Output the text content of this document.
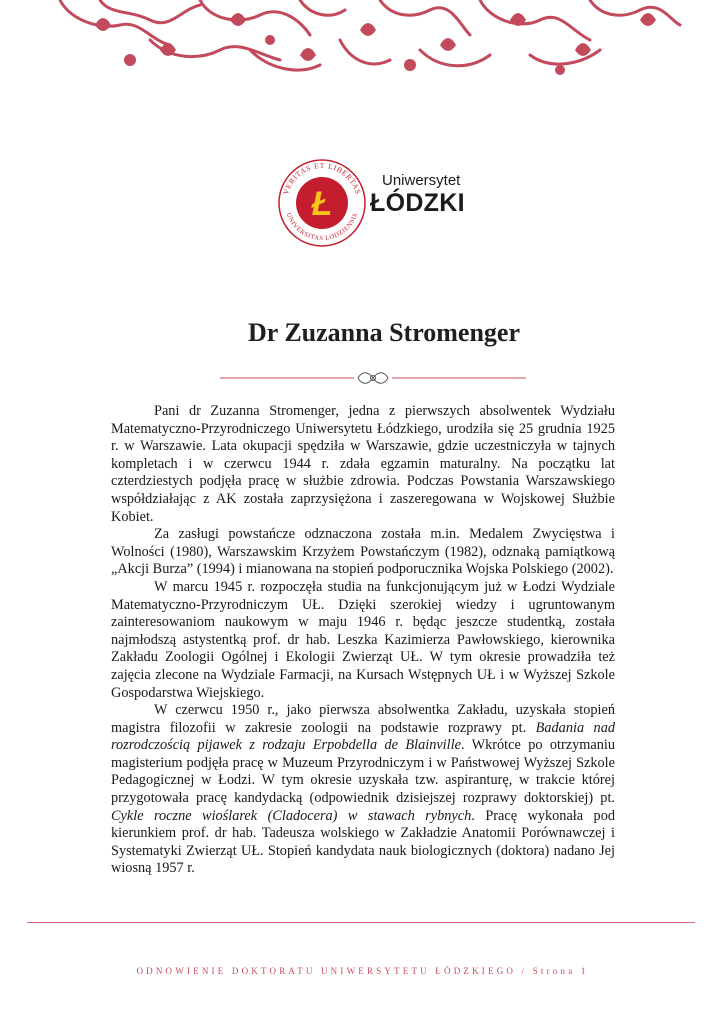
VERITAS ET LIBERTAS
UNIVERSITAS LODZIENSIS
Ł
Uniwersytet
ŁÓDZKI
Dr Zuzanna Stromenger

Pani dr Zuzanna Stromenger, jedna z pierwszych absolwentek Wydziału Matematyczno-Przyrodniczego Uniwersytetu Łódzkiego, urodziła się 25 grudnia 1925 r. w Warszawie. Lata okupacji spędziła w Warszawie, gdzie uczestniczyła w tajnych kompletach i w czerwcu 1944 r. zdała egzamin maturalny. Na początku lat czterdziestych podjęła pracę w służbie zdrowia. Podczas Powstania Warszawskiego współdziałając z AK została zaprzysiężona i zaszeregowana w Wojskowej Służbie Kobiet.

Za zasługi powstańcze odznaczona została m.in. Medalem Zwycięstwa i Wolności (1980), Warszawskim Krzyżem Powstańczym (1982), odznaką pamiątkową „Akcji Burza” (1994) i mianowana na stopień podporucznika Wojska Polskiego (2002).

W marcu 1945 r. rozpoczęła studia na funkcjonującym już w Łodzi Wydziale Matematyczno-Przyrodniczym UŁ. Dzięki szerokiej wiedzy i ugruntowanym zainteresowaniom naukowym w maju 1946 r. będąc jeszcze studentką, została najmłodszą astystentką prof. dr hab. Leszka Kazimierza Pawłowskiego, kierownika Zakładu Zoologii Ogólnej i Ekologii Zwierząt UŁ. W tym okresie prowadziła też zajęcia zlecone na Wydziale Farmacji, na Kursach Wstępnych UŁ i w Wyższej Szkole Gospodarstwa Wiejskiego.

W czerwcu 1950 r., jako pierwsza absolwentka Zakładu, uzyskała stopień magistra filozofii w zakresie zoologii na podstawie rozprawy pt. Badania nad rozrodczością pijawek z rodzaju Erpobdella de Blainville. Wkrótce po otrzymaniu magisterium podjęła pracę w Muzeum Przyrodniczym i w Państwowej Wyższej Szkole Pedagogicznej w Łodzi. W tym okresie uzyskała tzw. aspiranturę, w trakcie której przygotowała pracę kandydacką (odpowiednik dzisiejszej rozprawy doktorskiej) pt. Cykle roczne wioślarek (Cladocera) w stawach rybnych. Pracę wykonała pod kierunkiem prof. dr hab. Tadeusza wolskiego w Zakładzie Anatomii Porównawczej i Systematyki Zwierząt UŁ. Stopień kandydata nauk biologicznych (doktora) nadano Jej wiosną 1957 r.

ODNOWIENIE DOKTORATU UNIWERSYTETU ŁÓDZKIEGO / Strona 1
